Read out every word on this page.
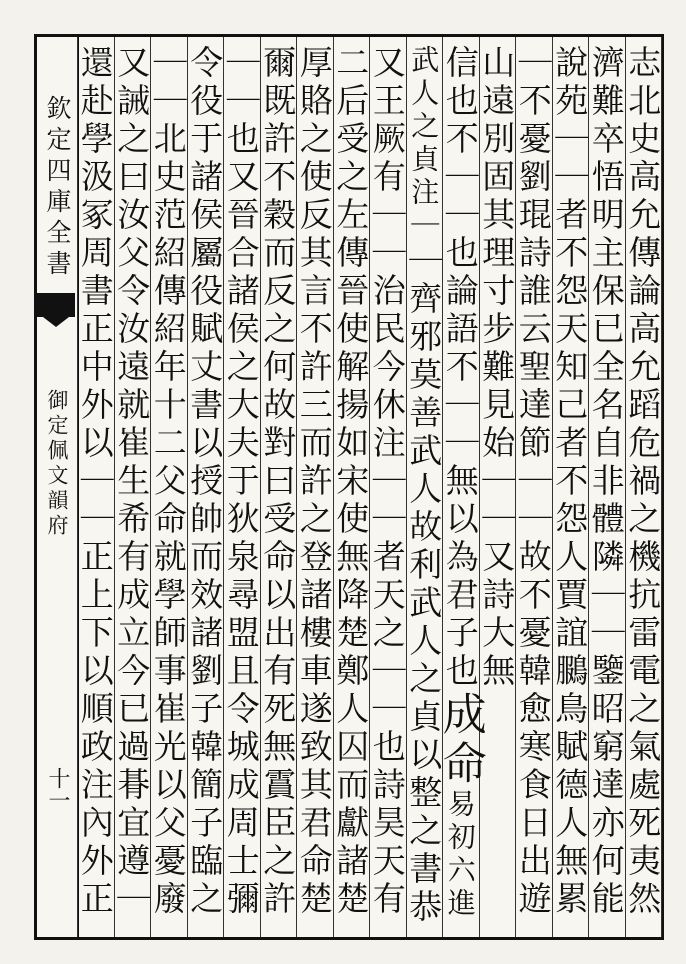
欽定四庫全書
御定佩文韻府
十一
志北史高允傳論高允蹈危禍之機抗雷電之氣處死夷然
濟難卒悟明主保已全名自非體隣｜｜鑒昭窮達亦何能
說苑｜｜者不怨天知己者不怨人賈誼鵩鳥賦德人無累
｜不憂劉琨詩誰云聖達節｜｜故不憂韓愈寒食日出遊
山遠別固其理寸步難見始｜｜又詩大無
信也不｜｜也論語不｜｜無以為君子也成命易初六進
武人之貞注｜｜齊邪莫善武人故利武人之貞以整之書恭
又王厥有｜｜治民今休注｜｜者天之｜｜也詩昊天有
二后受之左傳晉使解揚如宋使無降楚鄭人囚而獻諸楚
厚賂之使反其言不許三而許之登諸樓車遂致其君命楚
爾既許不穀而反之何故對曰受命以出有死無霣臣之許
｜｜也又晉合諸侯之大夫于狄泉尋盟且令城成周士彌
令役于諸侯屬役賦丈書以授帥而效諸劉子韓簡子臨之
｜｜北史范紹傳紹年十二父命就學師事崔光以父憂廢
又誡之曰汝父令汝遠就崔生希有成立今已過朞宜遵｜
還赴學汲冢周書正中外以｜｜正上下以順政注內外正
